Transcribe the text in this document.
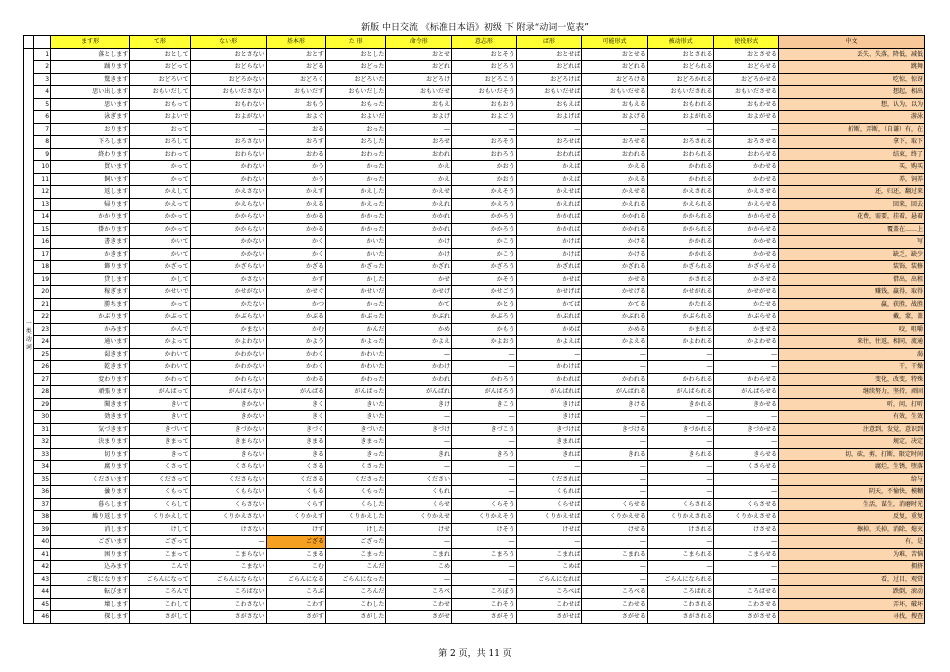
新版 中日交流 《标准日本语》初级 下 附录“动词一览表”
		ます形	て形	ない形	基本形	た 形	命令形	意志形	ば形	可能形式	被动形式	使役形式	中文
一类动词	1	落とします	おとして	おとさない	おとす	おとした	おとせ	おとそう	おとせば	おとせる	おとされる	おとさせる	丢失、失落，降低，减低
	2	踊ります	おどって	おどらない	おどる	おどった	おどれ	おどろう	おどれば	おどれる	おどられる	おどらせる	跳舞
	3	驚きます	おどろいて	おどろかない	おどろく	おどろいた	おどろけ	おどろこう	おどろけば	おどろける	おどろかれる	おどろかせる	吃惊，惊讶
	4	思い出します	おもいだして	おもいださない	おもいだす	おもいだした	おもいだせ	おもいだそう	おもいだせば	おもいだせる	おもいだされる	おもいださせる	想起，相出
	5	思います	おもって	おもわない	おもう	おもった	おもえ	おもおう	おもえば	おもえる	おもわれる	おもわせる	想，认为，以为
	6	泳ぎます	およいで	およがない	およぐ	およいだ	およげ	およごう	およげば	およげる	およがれる	およがせる	游泳
	7	おります	おって	—	おる	おった	—	—	—	—	—	—	折断，弄断，（自谦）有，在
	8	下ろします	おろして	おろさない	おろす	おろした	おろせ	おろそう	おろせば	おろせる	おろされる	おろさせる	拿下，取下
	9	終わります	おわって	おわらない	おわる	おわった	おわれ	おわろう	おわれば	おわれる	おわられる	おわらせる	结束，终了
	10	買います	かって	かわない	かう	かった	かえ	かおう	かえば	かえる	かわれる	かわせる	买，购买
	11	飼います	かって	かわない	かう	かった	かえ	かおう	かえば	かえる	かわれる	かわせる	养，饲养
	12	返します	かえして	かえさない	かえす	かえした	かえせ	かえそう	かえせば	かえせる	かえされる	かえさせる	还，归还，翻过来
	13	帰ります	かえって	かえらない	かえる	かえった	かえれ	かえろう	かえれば	かえれる	かえられる	かえらせる	回来，回去
	14	かかります	かかって	かからない	かかる	かかった	かかれ	かかろう	かかれば	かかれる	かかられる	かからせる	花费，需要，挂着，悬着
	15	掛かります	かかって	かからない	かかる	かかった	かかれ	かかろう	かかれば	かかれる	かかられる	かからせる	覆盖在……上
	16	書きます	かいて	かかない	かく	かいた	かけ	かこう	かけば	かける	かかれる	かかせる	写
	17	かきます	かいて	かかない	かく	かいた	かけ	かこう	かけば	かける	かかれる	かかせる	缺乏，缺少
	18	飾ります	かざって	かざらない	かざる	かざった	かざれ	かざろう	かざれば	かざれる	かざられる	かざらせる	装饰，装修
	19	貸します	かして	かさない	かす	かした	かせ	かそう	かせば	かせる	かされる	かさせる	借出，出租
	20	稼ぎます	かせいで	かせがない	かせぐ	かせいだ	かせげ	かせごう	かせげば	かせげる	かせがれる	かせがせる	赚钱，赢得，取得
	21	勝ちます	かって	かたない	かつ	かった	かて	かとう	かてば	かてる	かたれる	かたせる	赢，获胜，战胜
	22	かぶります	かぶって	かぶらない	かぶる	かぶった	かぶれ	かぶろう	かぶれば	かぶれる	かぶられる	かぶらせる	戴，蒙，盖
	23	かみます	かんで	かまない	かむ	かんだ	かめ	かもう	かめば	かめる	かまれる	かませる	咬，咀嚼
	24	通います	かよって	かよわない	かよう	かよった	かよえ	かよおう	かよえば	かよえる	かよわれる	かよわせる	来往，往返，相同，流通
	25	渇きます	かわいて	かわかない	かわく	かわいた	—	—	—	—	—	—	渴
	26	乾きます	かわいて	かわかない	かわく	かわいた	かわけ	—	かわけば	—	—	—	干，干燥
	27	変わります	かわって	かわらない	かわる	かわった	かわれ	かわろう	かわれば	かわれる	かわられる	かわらせる	变化，改变，特殊
	28	頑張ります	がんばって	がんばらない	がんばる	がんばった	がんばれ	がんばろう	がんばれば	がんばれる	がんばられる	がんばらせる	继续努力，坚持，顽固
	29	聞きます	きいて	きかない	きく	きいた	きけ	きこう	きけば	きける	きかれる	きかせる	听，问，打听
	30	効きます	きいて	きかない	きく	きいた	—	—	きけば	—	—	—	有效，生效
	31	気づきます	きづいて	きづかない	きづく	きづいた	きづけ	きづこう	きづけば	きづける	きづかれる	きづかせる	注意到，发觉，意识到
	32	決まります	きまって	きまらない	きまる	きまった	—	—	きまれば	—	—	—	规定，决定
	33	切ります	きって	きらない	きる	きった	きれ	きろう	きれば	きれる	きられる	きらせる	切，砍，剪，打断，限定时间
	34	腐ります	くさって	くさらない	くさる	くさった	—	—	—	—	—	くさらせる	腐烂，生锈，堕落
	35	くださいます	くださって	くださらない	くださる	くださった	ください	—	くだされば	—	—	—	给与
	36	曇ります	くもって	くもらない	くもる	くもった	くもれ	—	くもれば	—	—	—	阴天，不愉快，模糊
	37	暮らします	くらして	くらさない	くらす	くらした	くらせ	くらそう	くらせば	くらせる	くらされる	くらさせる	生活，谋生，消磨时光
	38	繰り返します	くりかえして	くりかえさない	くりかえす	くりかえした	くりかえせ	くりかえそう	くりかえせば	くりかえせる	くりかえされる	くりかえさせる	反复，重复
	39	消します	けして	けさない	けす	けした	けせ	けそう	けせば	けせる	けされる	けさせる	擦掉，关掉，消除，熄灭
	40	ございます	ござって	—	ござる	ござった	—	—	—	—	—	—	有，是
	41	困ります	こまって	こまらない	こまる	こまった	こまれ	こまろう	こまれば	こまれる	こまられる	こまらせる	为难，苦恼
	42	込みます	こんで	こまない	こむ	こんだ	こめ	—	こめば	—	—	—	拥挤
	43	ご覧になります	ごらんになって	ごらんにならない	ごらんになる	ごらんになった	—	—	ごらんになれば	—	ごらんになられる	—	看，过目，观赏
	44	転びます	ころんで	ころばない	ころぶ	ころんだ	ころべ	ころぼう	ころべば	ころべる	ころばれる	ころばせる	跌倒，滚动
	45	壊します	こわして	こわさない	こわす	こわした	こわせ	こわそう	こわせば	こわせる	こわされる	こわさせる	弄坏，破坏
	46	探します	さがして	さがさない	さがす	さがした	さがせ	さがそう	さがせば	さがせる	さがされる	さがさせる	寻找，搜查
第 2 页，共 11 页
